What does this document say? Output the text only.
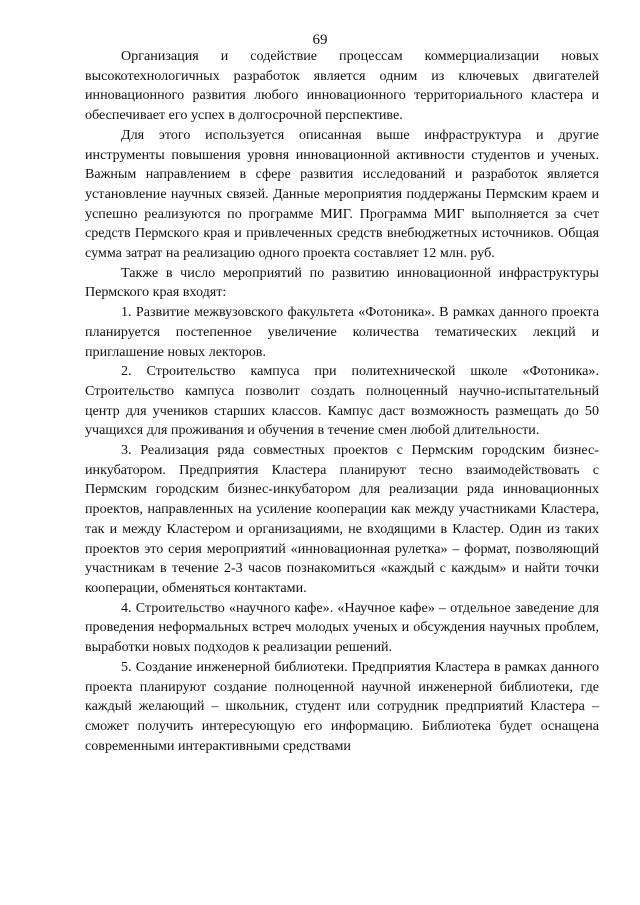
69

Организация и содействие процессам коммерциализации новых высокотехнологичных разработок является одним из ключевых двигателей инновационного развития любого инновационного территориального кластера и обеспечивает его успех в долгосрочной перспективе.

Для этого используется описанная выше инфраструктура и другие инструменты повышения уровня инновационной активности студентов и ученых. Важным направлением в сфере развития исследований и разработок является установление научных связей. Данные мероприятия поддержаны Пермским краем и успешно реализуются по программе МИГ. Программа МИГ выполняется за счет средств Пермского края и привлеченных средств внебюджетных источников. Общая сумма затрат на реализацию одного проекта составляет 12 млн. руб.

Также в число мероприятий по развитию инновационной инфраструктуры Пермского края входят:

1. Развитие межвузовского факультета «Фотоника». В рамках данного проекта планируется постепенное увеличение количества тематических лекций и приглашение новых лекторов.

2. Строительство кампуса при политехнической школе «Фотоника». Строительство кампуса позволит создать полноценный научно-испытательный центр для учеников старших классов. Кампус даст возможность размещать до 50 учащихся для проживания и обучения в течение смен любой длительности.

3. Реализация ряда совместных проектов с Пермским городским бизнес-инкубатором. Предприятия Кластера планируют тесно взаимодействовать с Пермским городским бизнес-инкубатором для реализации ряда инновационных проектов, направленных на усиление кооперации как между участниками Кластера, так и между Кластером и организациями, не входящими в Кластер. Один из таких проектов это серия мероприятий «инновационная рулетка» – формат, позволяющий участникам в течение 2-3 часов познакомиться «каждый с каждым» и найти точки кооперации, обменяться контактами.

4. Строительство «научного кафе». «Научное кафе» – отдельное заведение для проведения неформальных встреч молодых ученых и обсуждения научных проблем, выработки новых подходов к реализации решений.

5. Создание инженерной библиотеки. Предприятия Кластера в рамках данного проекта планируют создание полноценной научной инженерной библиотеки, где каждый желающий – школьник, студент или сотрудник предприятий Кластера – сможет получить интересующую его информацию. Библиотека будет оснащена современными интерактивными средствами
